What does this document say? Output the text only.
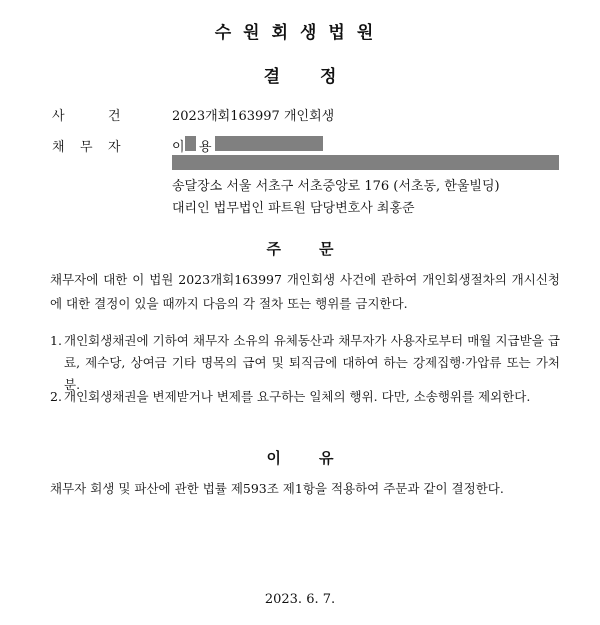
수원회생법원
결정
사	건	2023개회163997 개인회생
채 무 자	이 용
송달장소 서울 서초구 서초중앙로 176 (서초동, 한울빌딩)
대리인 법무법인 파트원 담당변호사 최홍준
주문
채무자에 대한 이 법원 2023개회163997 개인회생 사건에 관하여 개인회생절차의 개시신청에 대한 결정이 있을 때까지 다음의 각 절차 또는 행위를 금지한다.
1. 개인회생채권에 기하여 채무자 소유의 유체동산과 채무자가 사용자로부터 매월 지급받을 급료, 제수당, 상여금 기타 명목의 급여 및 퇴직금에 대하여 하는 강제집행·가압류 또는 가처분.
2. 개인회생채권을 변제받거나 변제를 요구하는 일체의 행위. 다만, 소송행위를 제외한다.
이유
채무자 회생 및 파산에 관한 법률 제593조 제1항을 적용하여 주문과 같이 결정한다.
2023. 6. 7.
